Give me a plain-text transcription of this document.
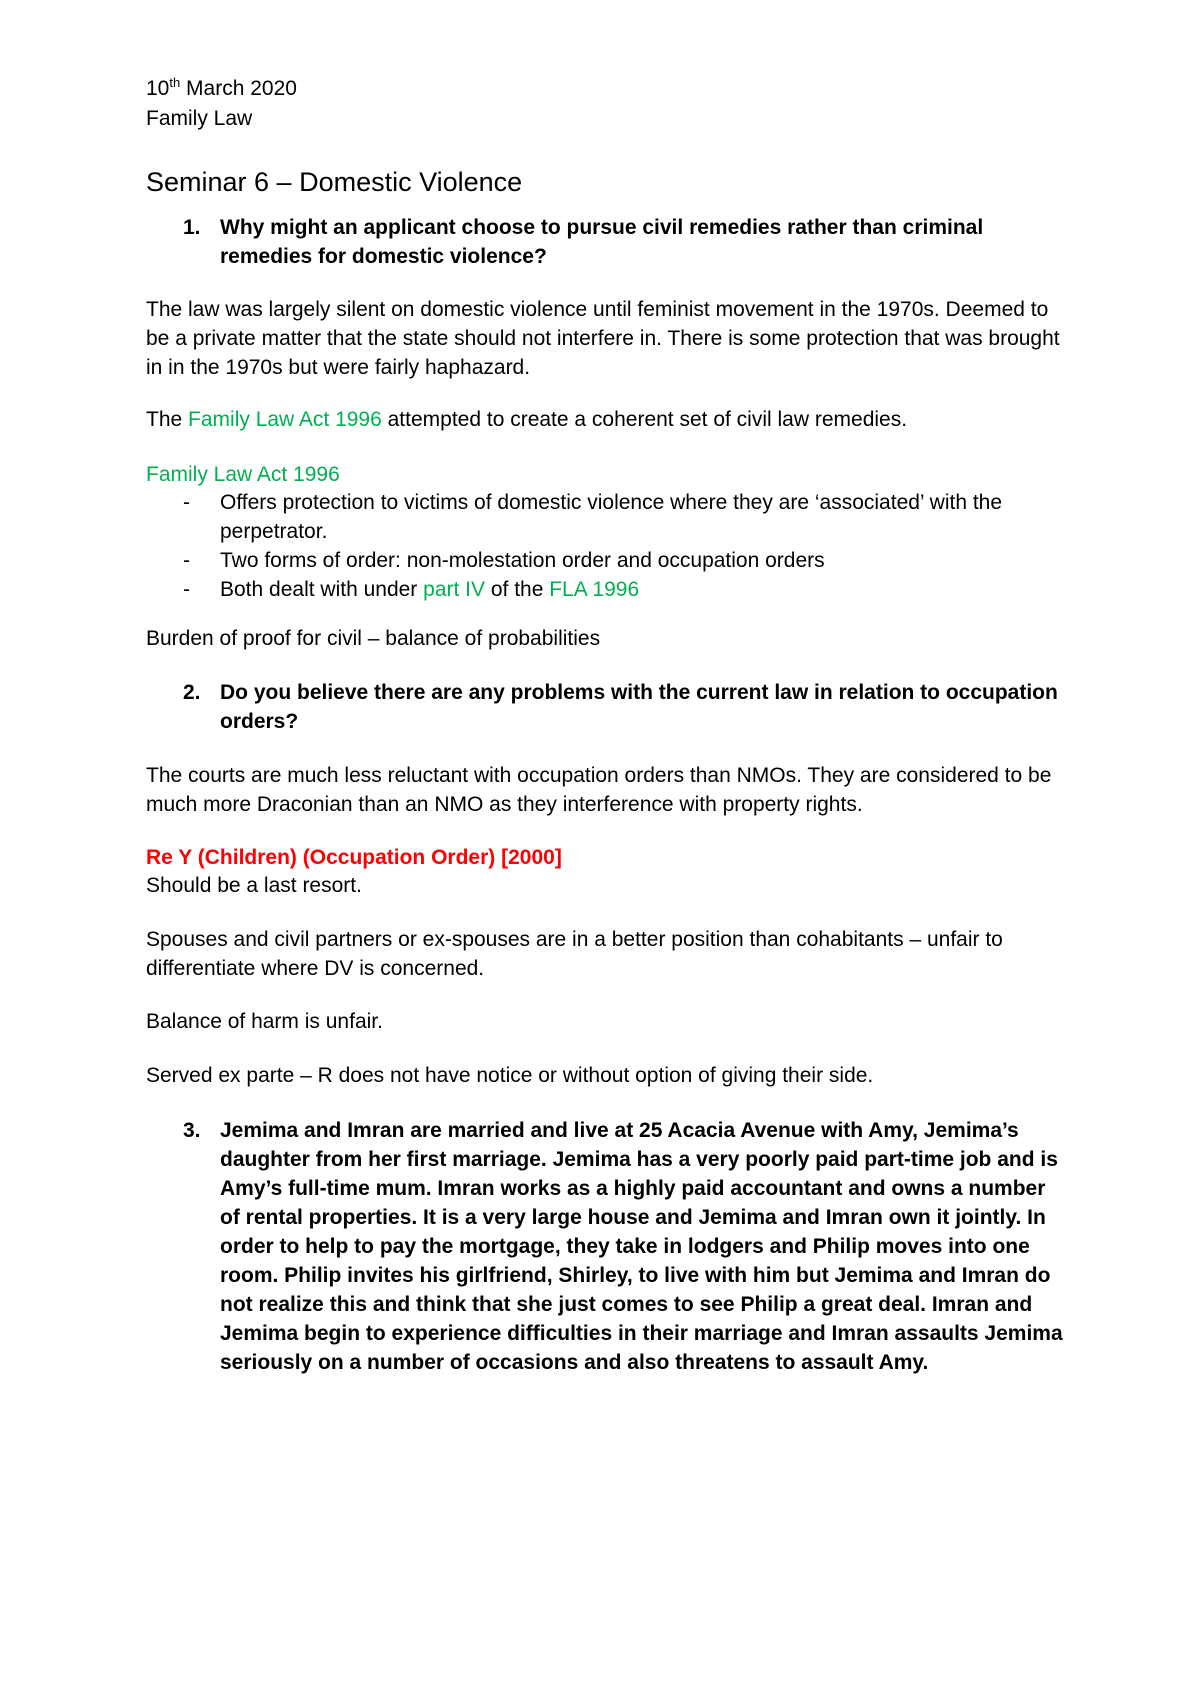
10th March 2020
Family Law
Seminar 6 – Domestic Violence
1. Why might an applicant choose to pursue civil remedies rather than criminal remedies for domestic violence?
The law was largely silent on domestic violence until feminist movement in the 1970s. Deemed to be a private matter that the state should not interfere in. There is some protection that was brought in in the 1970s but were fairly haphazard.
The Family Law Act 1996 attempted to create a coherent set of civil law remedies.
Family Law Act 1996
- Offers protection to victims of domestic violence where they are ‘associated’ with the perpetrator.
- Two forms of order: non-molestation order and occupation orders
- Both dealt with under part IV of the FLA 1996
Burden of proof for civil – balance of probabilities
2. Do you believe there are any problems with the current law in relation to occupation orders?
The courts are much less reluctant with occupation orders than NMOs. They are considered to be much more Draconian than an NMO as they interference with property rights.
Re Y (Children) (Occupation Order) [2000]
Should be a last resort.
Spouses and civil partners or ex-spouses are in a better position than cohabitants – unfair to differentiate where DV is concerned.
Balance of harm is unfair.
Served ex parte – R does not have notice or without option of giving their side.
3. Jemima and Imran are married and live at 25 Acacia Avenue with Amy, Jemima’s daughter from her first marriage. Jemima has a very poorly paid part-time job and is Amy’s full-time mum. Imran works as a highly paid accountant and owns a number of rental properties. It is a very large house and Jemima and Imran own it jointly. In order to help to pay the mortgage, they take in lodgers and Philip moves into one room. Philip invites his girlfriend, Shirley, to live with him but Jemima and Imran do not realize this and think that she just comes to see Philip a great deal. Imran and Jemima begin to experience difficulties in their marriage and Imran assaults Jemima seriously on a number of occasions and also threatens to assault Amy.
